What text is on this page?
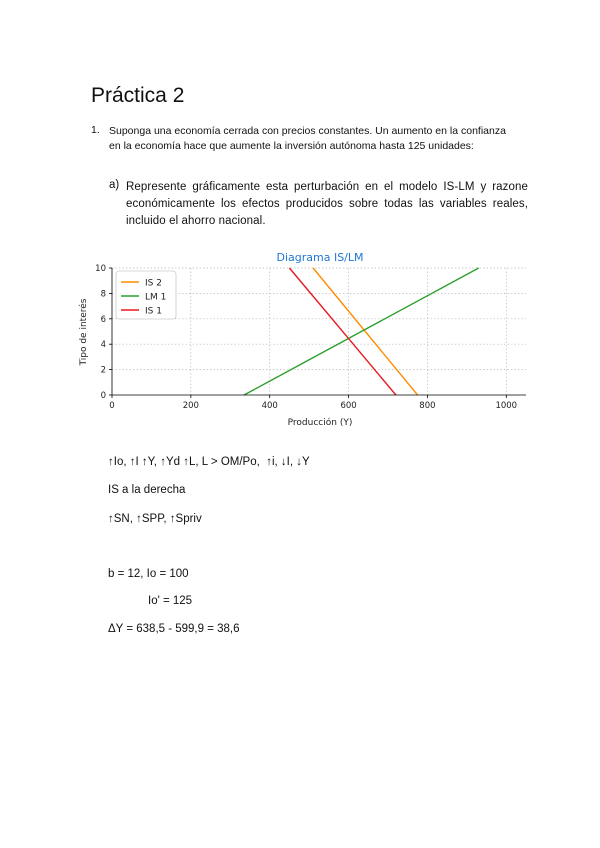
Práctica 2
1. Suponga una economía cerrada con precios constantes. Un aumento en la confianza en la economía hace que aumente la inversión autónoma hasta 125 unidades:
a) Represente gráficamente esta perturbación en el modelo IS-LM y razone económicamente los efectos producidos sobre todas las variables reales, incluido el ahorro nacional.
Diagrama IS/LM
0
2
4
6
8
10
0	200	400	600	800	1000
Producción (Y)
Tipo de interés
IS 2
LM 1
IS 1
↑Io, ↑I ↑Y, ↑Yd ↑L, L > OM/Po,  ↑i, ↓I, ↓Y
IS a la derecha
↑SN, ↑SPP, ↑Spriv
b = 12, Io = 100
Io' = 125
ΔY = 638,5 - 599,9 = 38,6
